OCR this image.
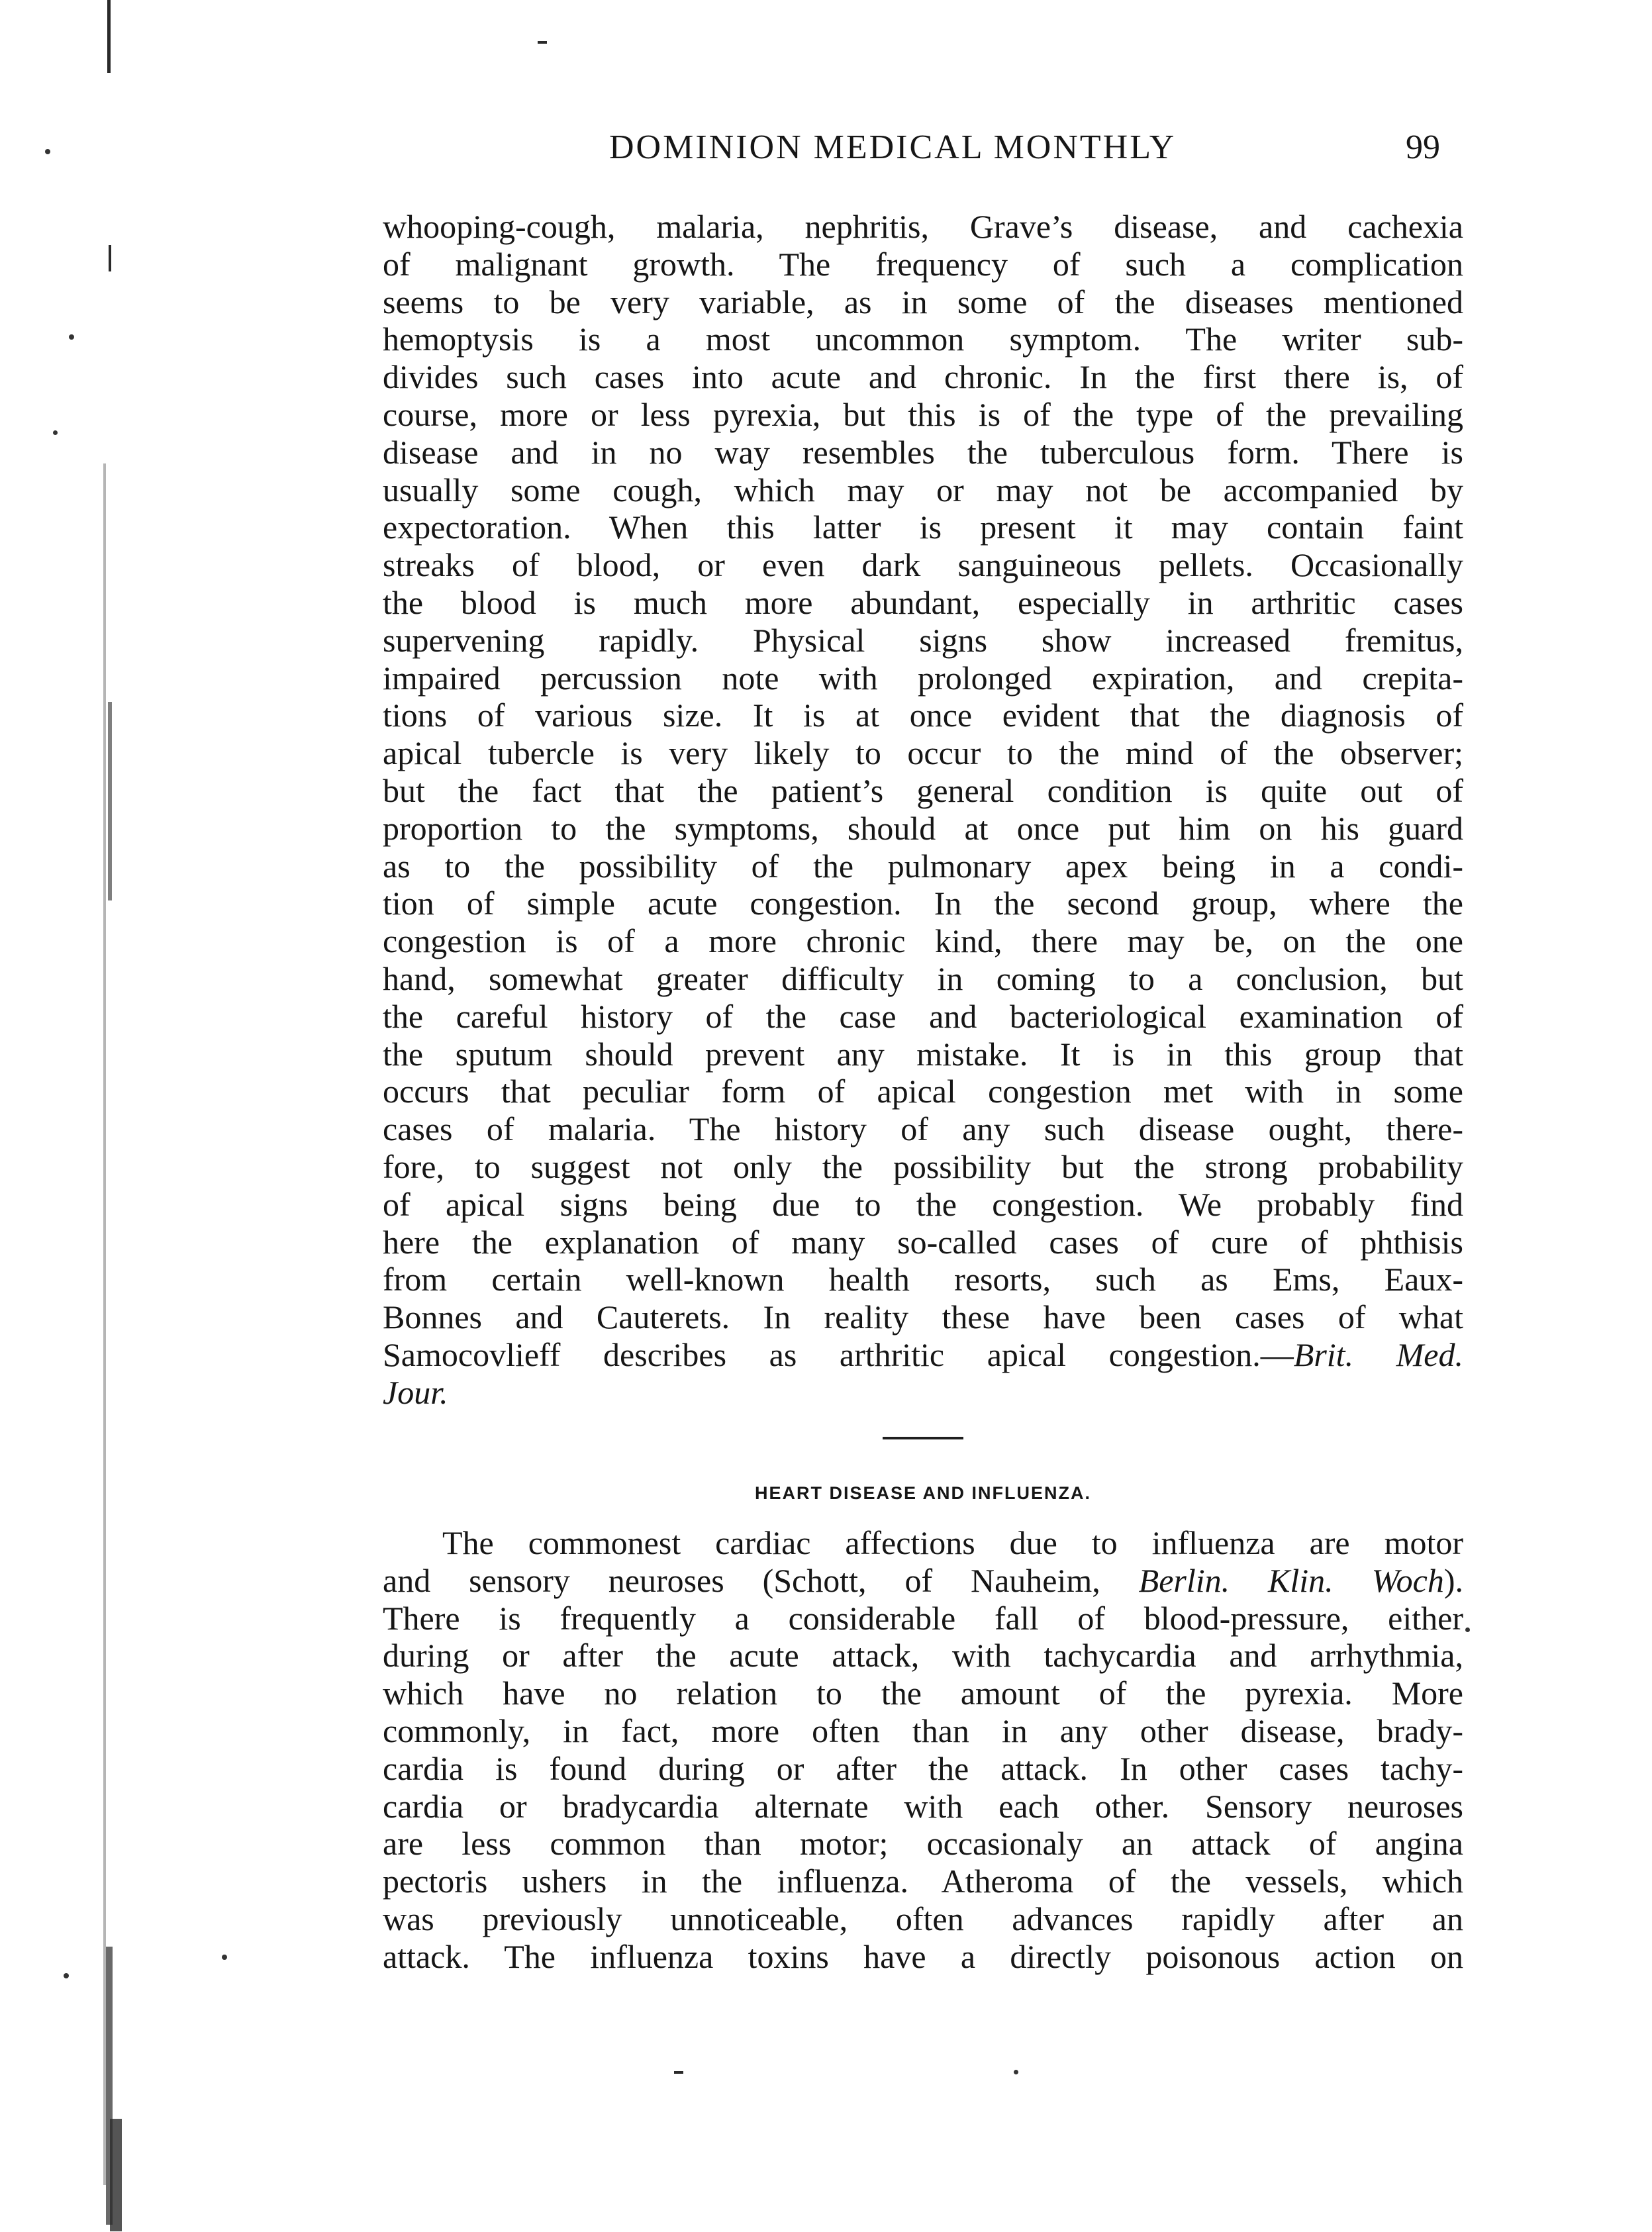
DOMINION MEDICAL MONTHLY	99
whooping-cough, malaria, nephritis, Grave’s disease, and cachexia
of malignant growth. The frequency of such a complication
seems to be very variable, as in some of the diseases mentioned
hemoptysis is a most uncommon symptom. The writer sub-
divides such cases into acute and chronic. In the first there is, of
course, more or less pyrexia, but this is of the type of the prevailing
disease and in no way resembles the tuberculous form. There is
usually some cough, which may or may not be accompanied by
expectoration. When this latter is present it may contain faint
streaks of blood, or even dark sanguineous pellets. Occasionally
the blood is much more abundant, especially in arthritic cases
supervening rapidly. Physical signs show increased fremitus,
impaired percussion note with prolonged expiration, and crepita-
tions of various size. It is at once evident that the diagnosis of
apical tubercle is very likely to occur to the mind of the observer;
but the fact that the patient’s general condition is quite out of
proportion to the symptoms, should at once put him on his guard
as to the possibility of the pulmonary apex being in a condi-
tion of simple acute congestion. In the second group, where the
congestion is of a more chronic kind, there may be, on the one
hand, somewhat greater difficulty in coming to a conclusion, but
the careful history of the case and bacteriological examination of
the sputum should prevent any mistake. It is in this group that
occurs that peculiar form of apical congestion met with in some
cases of malaria. The history of any such disease ought, there-
fore, to suggest not only the possibility but the strong probability
of apical signs being due to the congestion. We probably find
here the explanation of many so-called cases of cure of phthisis
from certain well-known health resorts, such as Ems, Eaux-
Bonnes and Cauterets. In reality these have been cases of what
Samocovlieff describes as arthritic apical congestion.—Brit. Med.
Jour.
HEART DISEASE AND INFLUENZA.
The commonest cardiac affections due to influenza are motor
and sensory neuroses (Schott, of Nauheim, Berlin. Klin. Woch).
There is frequently a considerable fall of blood-pressure, either
during or after the acute attack, with tachycardia and arrhythmia,
which have no relation to the amount of the pyrexia. More
commonly, in fact, more often than in any other disease, brady-
cardia is found during or after the attack. In other cases tachy-
cardia or bradycardia alternate with each other. Sensory neuroses
are less common than motor; occasionaly an attack of angina
pectoris ushers in the influenza. Atheroma of the vessels, which
was previously unnoticeable, often advances rapidly after an
attack. The influenza toxins have a directly poisonous action on
